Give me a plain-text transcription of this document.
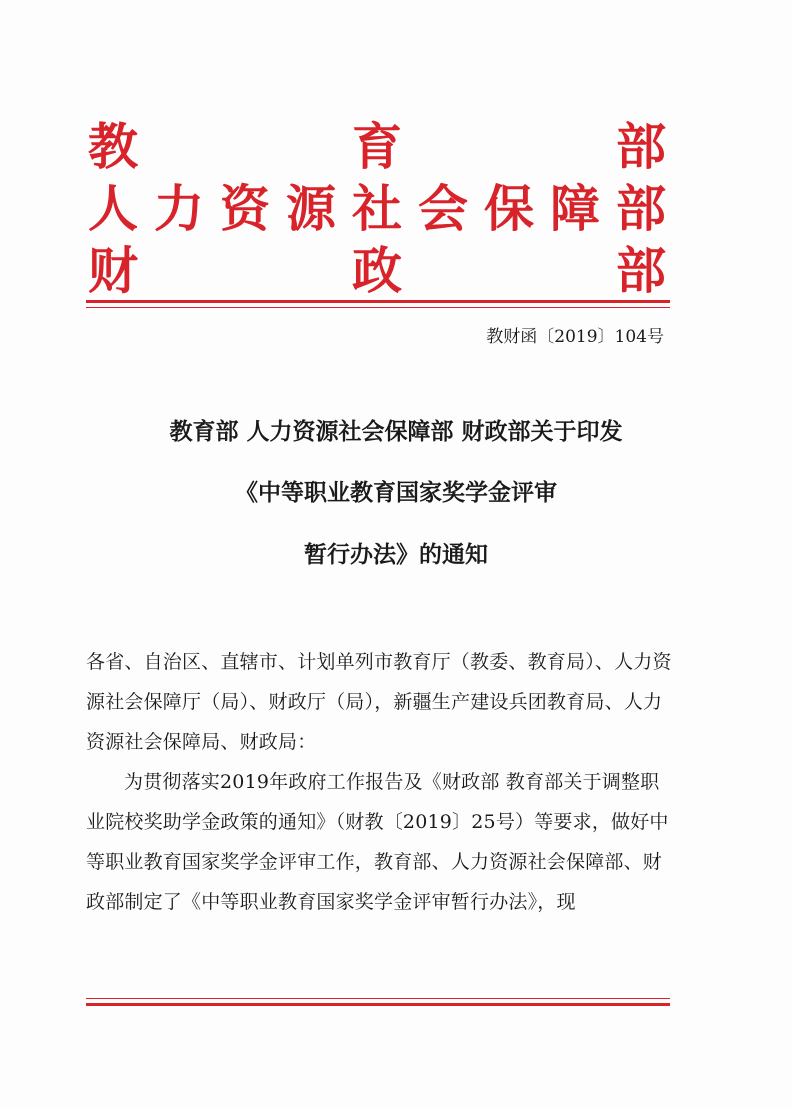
教	育	部
人 力 资 源 社 会 保 障 部
财	政	部
教财函〔2019〕104号
教育部 人力资源社会保障部 财政部关于印发
《中等职业教育国家奖学金评审
暂行办法》的通知

各省、自治区、直辖市、计划单列市教育厅（教委、教育局）、人力资源社会保障厅（局）、财政厅（局），新疆生产建设兵团教育局、人力资源社会保障局、财政局：

为贯彻落实2019年政府工作报告及《财政部 教育部关于调整职业院校奖助学金政策的通知》（财教〔2019〕25号）等要求，做好中等职业教育国家奖学金评审工作，教育部、人力资源社会保障部、财政部制定了《中等职业教育国家奖学金评审暂行办法》，现
